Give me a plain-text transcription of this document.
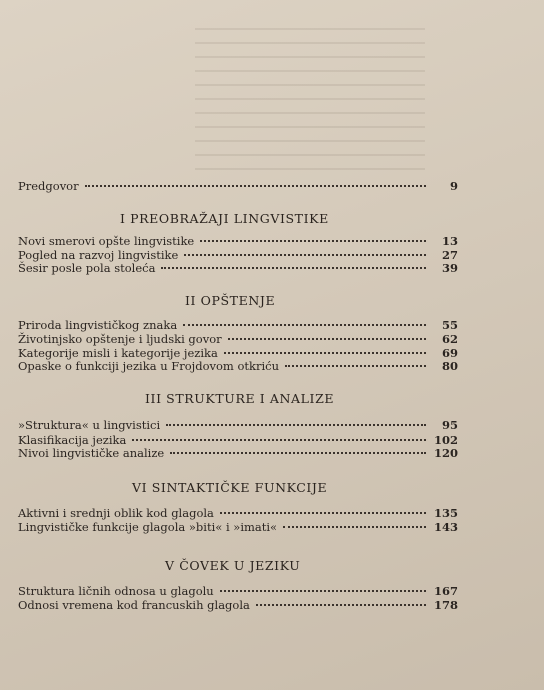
Predgovor	9
I PREOBRAŽAJI LINGVISTIKE
Novi smerovi opšte lingvistike	13
Pogled na razvoj lingvistike	27
Šesir posle pola stoleća	39
II OPŠTENJE
Priroda lingvističkog znaka	55
Životinjsko opštenje i ljudski govor	62
Kategorije misli i kategorije jezika	69
Opaske o funkciji jezika u Frojdovom otkriću	80
III STRUKTURE I ANALIZE
»Struktura« u lingvistici	95
Klasifikacija jezika	102
Nivoi lingvističke analize	120
VI SINTAKTIČKE FUNKCIJE
Aktivni i srednji oblik kod glagola	135
Lingvističke funkcije glagola »biti« i »imati«	143
V ČOVEK U JEZIKU
Struktura ličnih odnosa u glagolu	167
Odnosi vremena kod francuskih glagola	178
